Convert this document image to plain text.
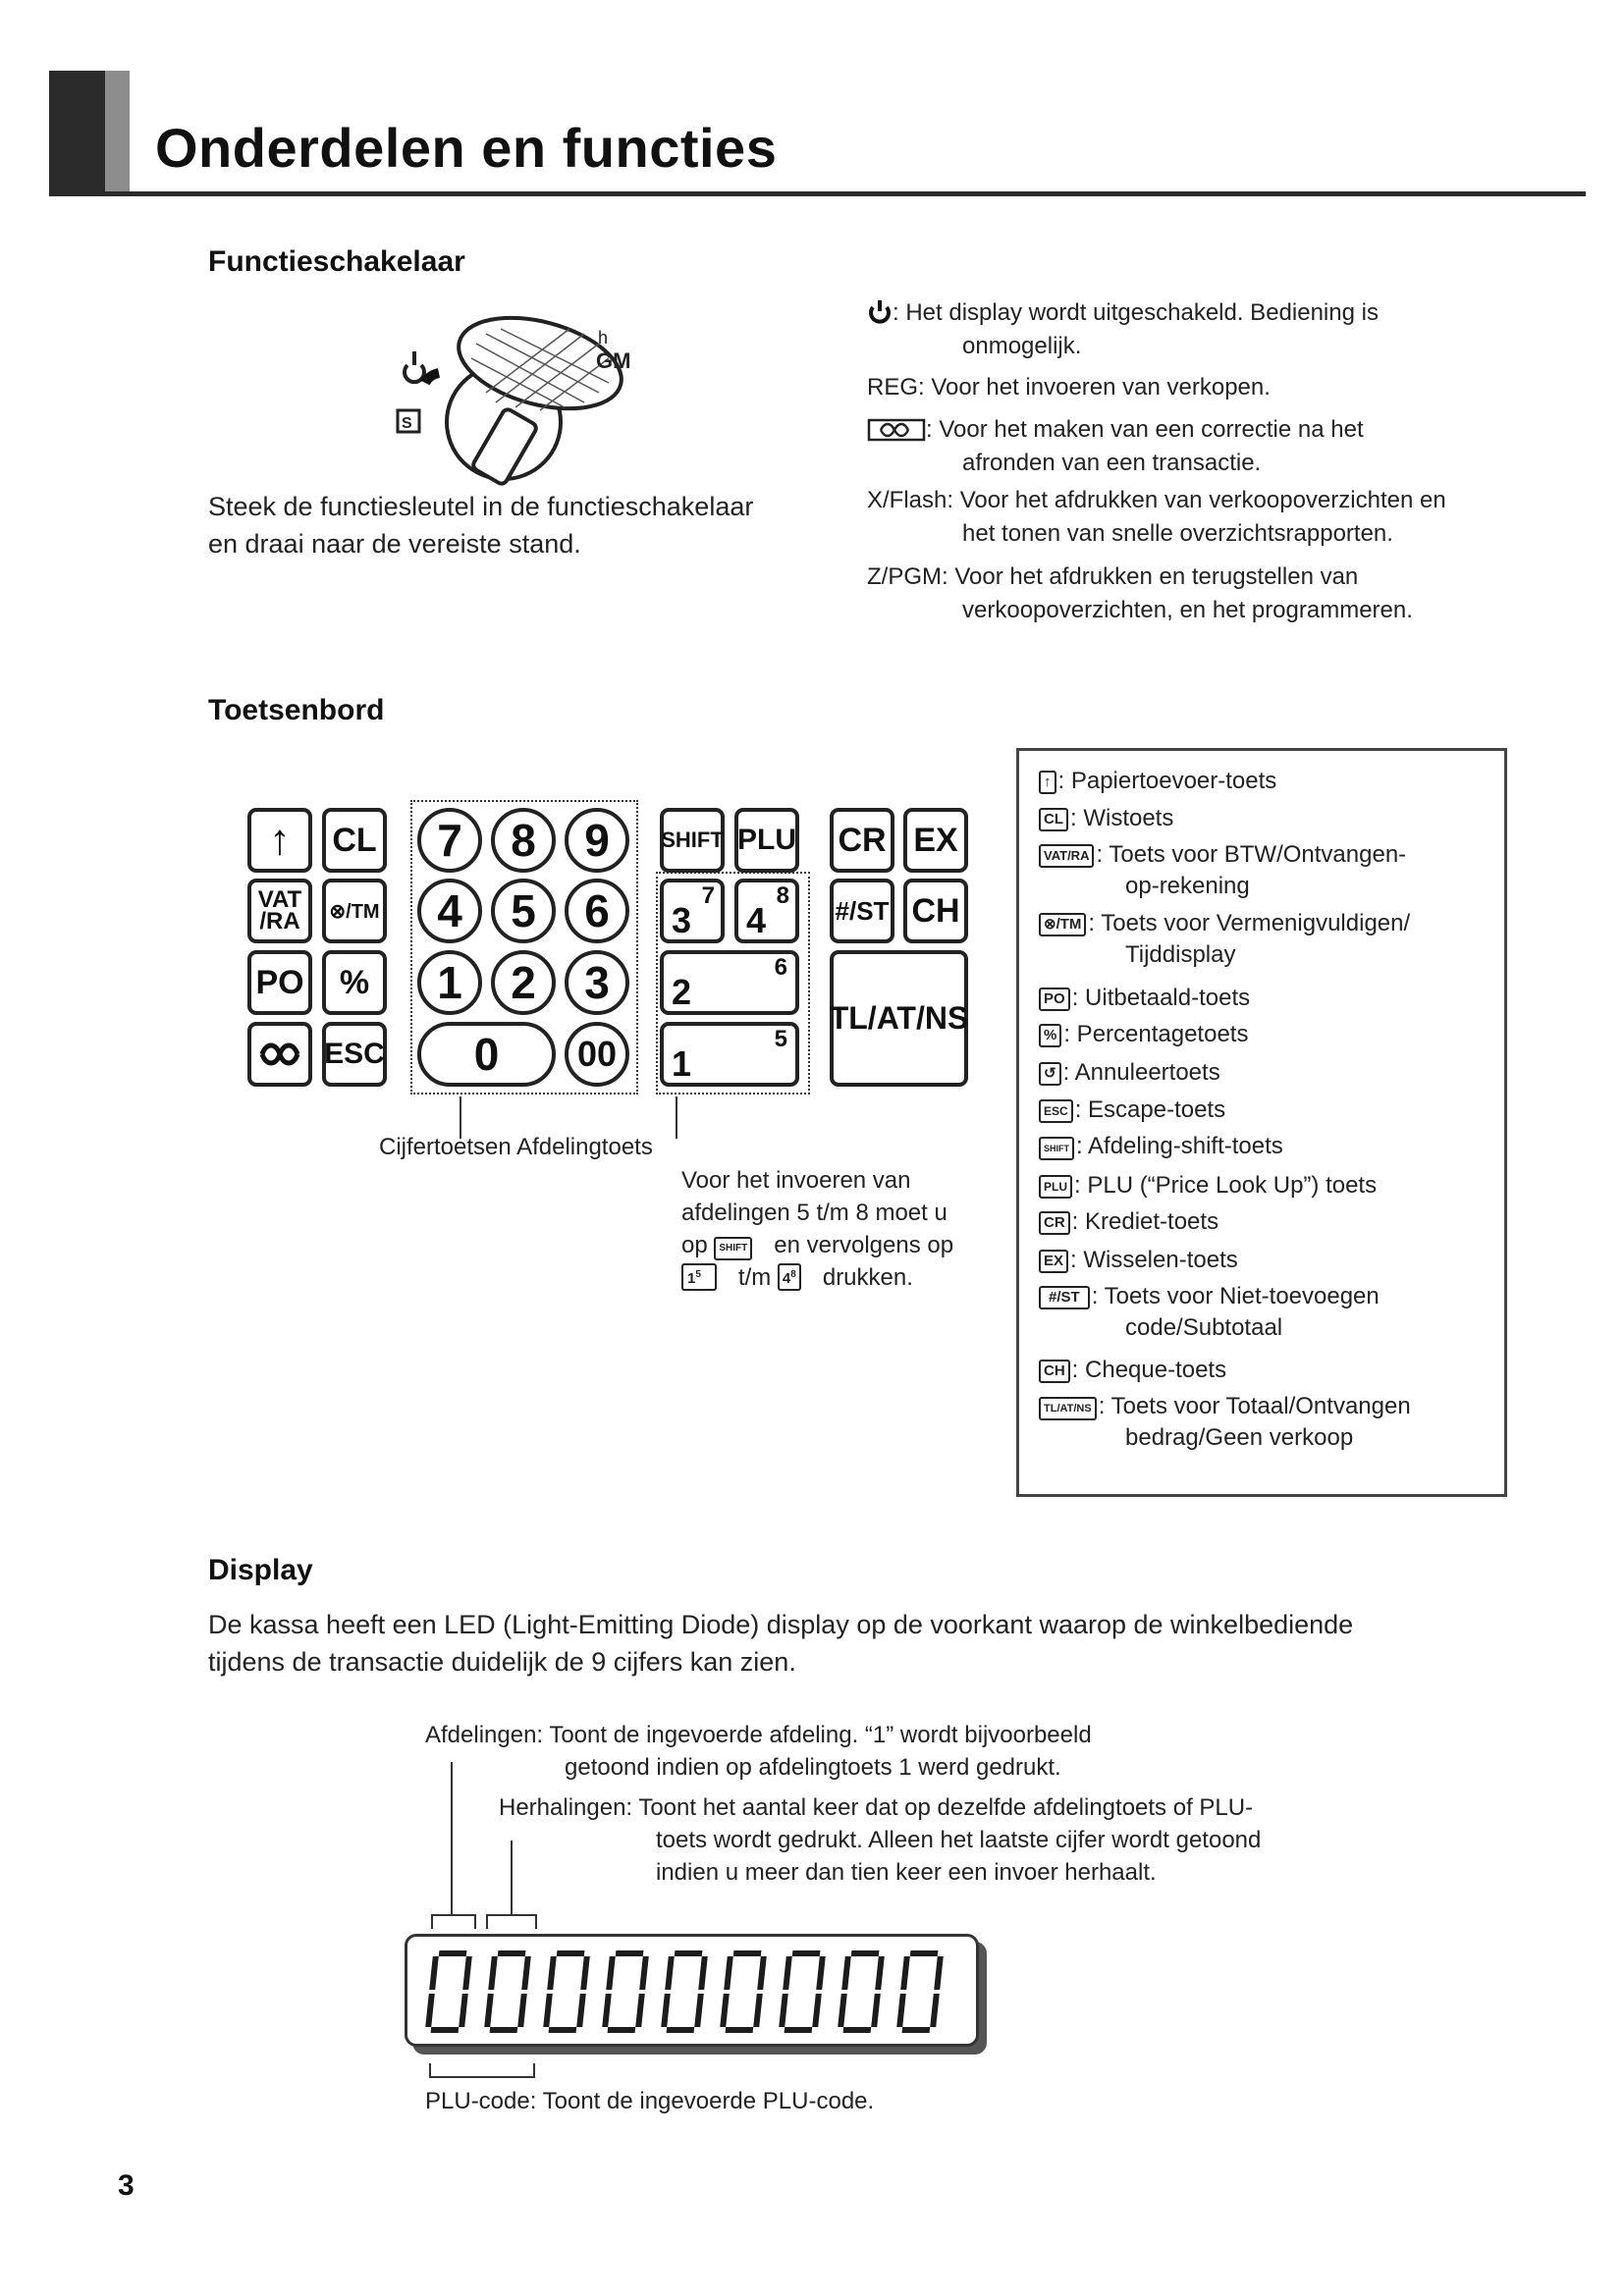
Onderdelen en functies
Functieschakelaar
S
GM
h
Steek de functiesleutel in de functieschakelaar
en draai naar de vereiste stand.
: Het display wordt uitgeschakeld. Bediening is
onmogelijk.
REG: Voor het invoeren van verkopen.
: Voor het maken van een correctie na het
afronden van een transactie.
X/Flash: Voor het afdrukken van verkoopoverzichten en
het tonen van snelle overzichtsrapporten.
Z/PGM: Voor het afdrukken en terugstellen van
verkoopoverzichten, en het programmeren.
Toetsenbord
↑	CL
VAT
/RA	⊗/TM
PO	%
ESC
7	8	9
4	5	6
1	2	3
0	00
SHIFT PLU
3
7
4
8
2
6
1
5
CR EX
#/ST CH
TL/AT/NS
Cijfertoetsen Afdelingtoets
Voor het invoeren van
afdelingen 5 t/m 8 moet u
op SHIFT en vervolgens op
$1^5$ t/m $4^8$ drukken.
↑ : Papiertoevoer-toets
CL : Wistoets
VAT/RA : Toets voor BTW/Ontvangen-
op-rekening
⊗/TM : Toets voor Vermenigvuldigen/
Tijddisplay
PO : Uitbetaald-toets
% : Percentagetoets
↺ : Annuleertoets
ESC : Escape-toets
SHIFT : Afdeling-shift-toets
PLU : PLU (“Price Look Up”) toets
CR : Krediet-toets
EX : Wisselen-toets
#/ST : Toets voor Niet-toevoegen
code/Subtotaal
CH : Cheque-toets
TL/AT/NS : Toets voor Totaal/Ontvangen
bedrag/Geen verkoop
Display
De kassa heeft een LED (Light-Emitting Diode) display op de voorkant waarop de winkelbediende
tijdens de transactie duidelijk de 9 cijfers kan zien.
Afdelingen: Toont de ingevoerde afdeling. “1” wordt bijvoorbeeld
getoond indien op afdelingtoets 1 werd gedrukt.
Herhalingen: Toont het aantal keer dat op dezelfde afdelingtoets of PLU-
toets wordt gedrukt. Alleen het laatste cijfer wordt getoond
indien u meer dan tien keer een invoer herhaalt.
PLU-code: Toont de ingevoerde PLU-code.
3
